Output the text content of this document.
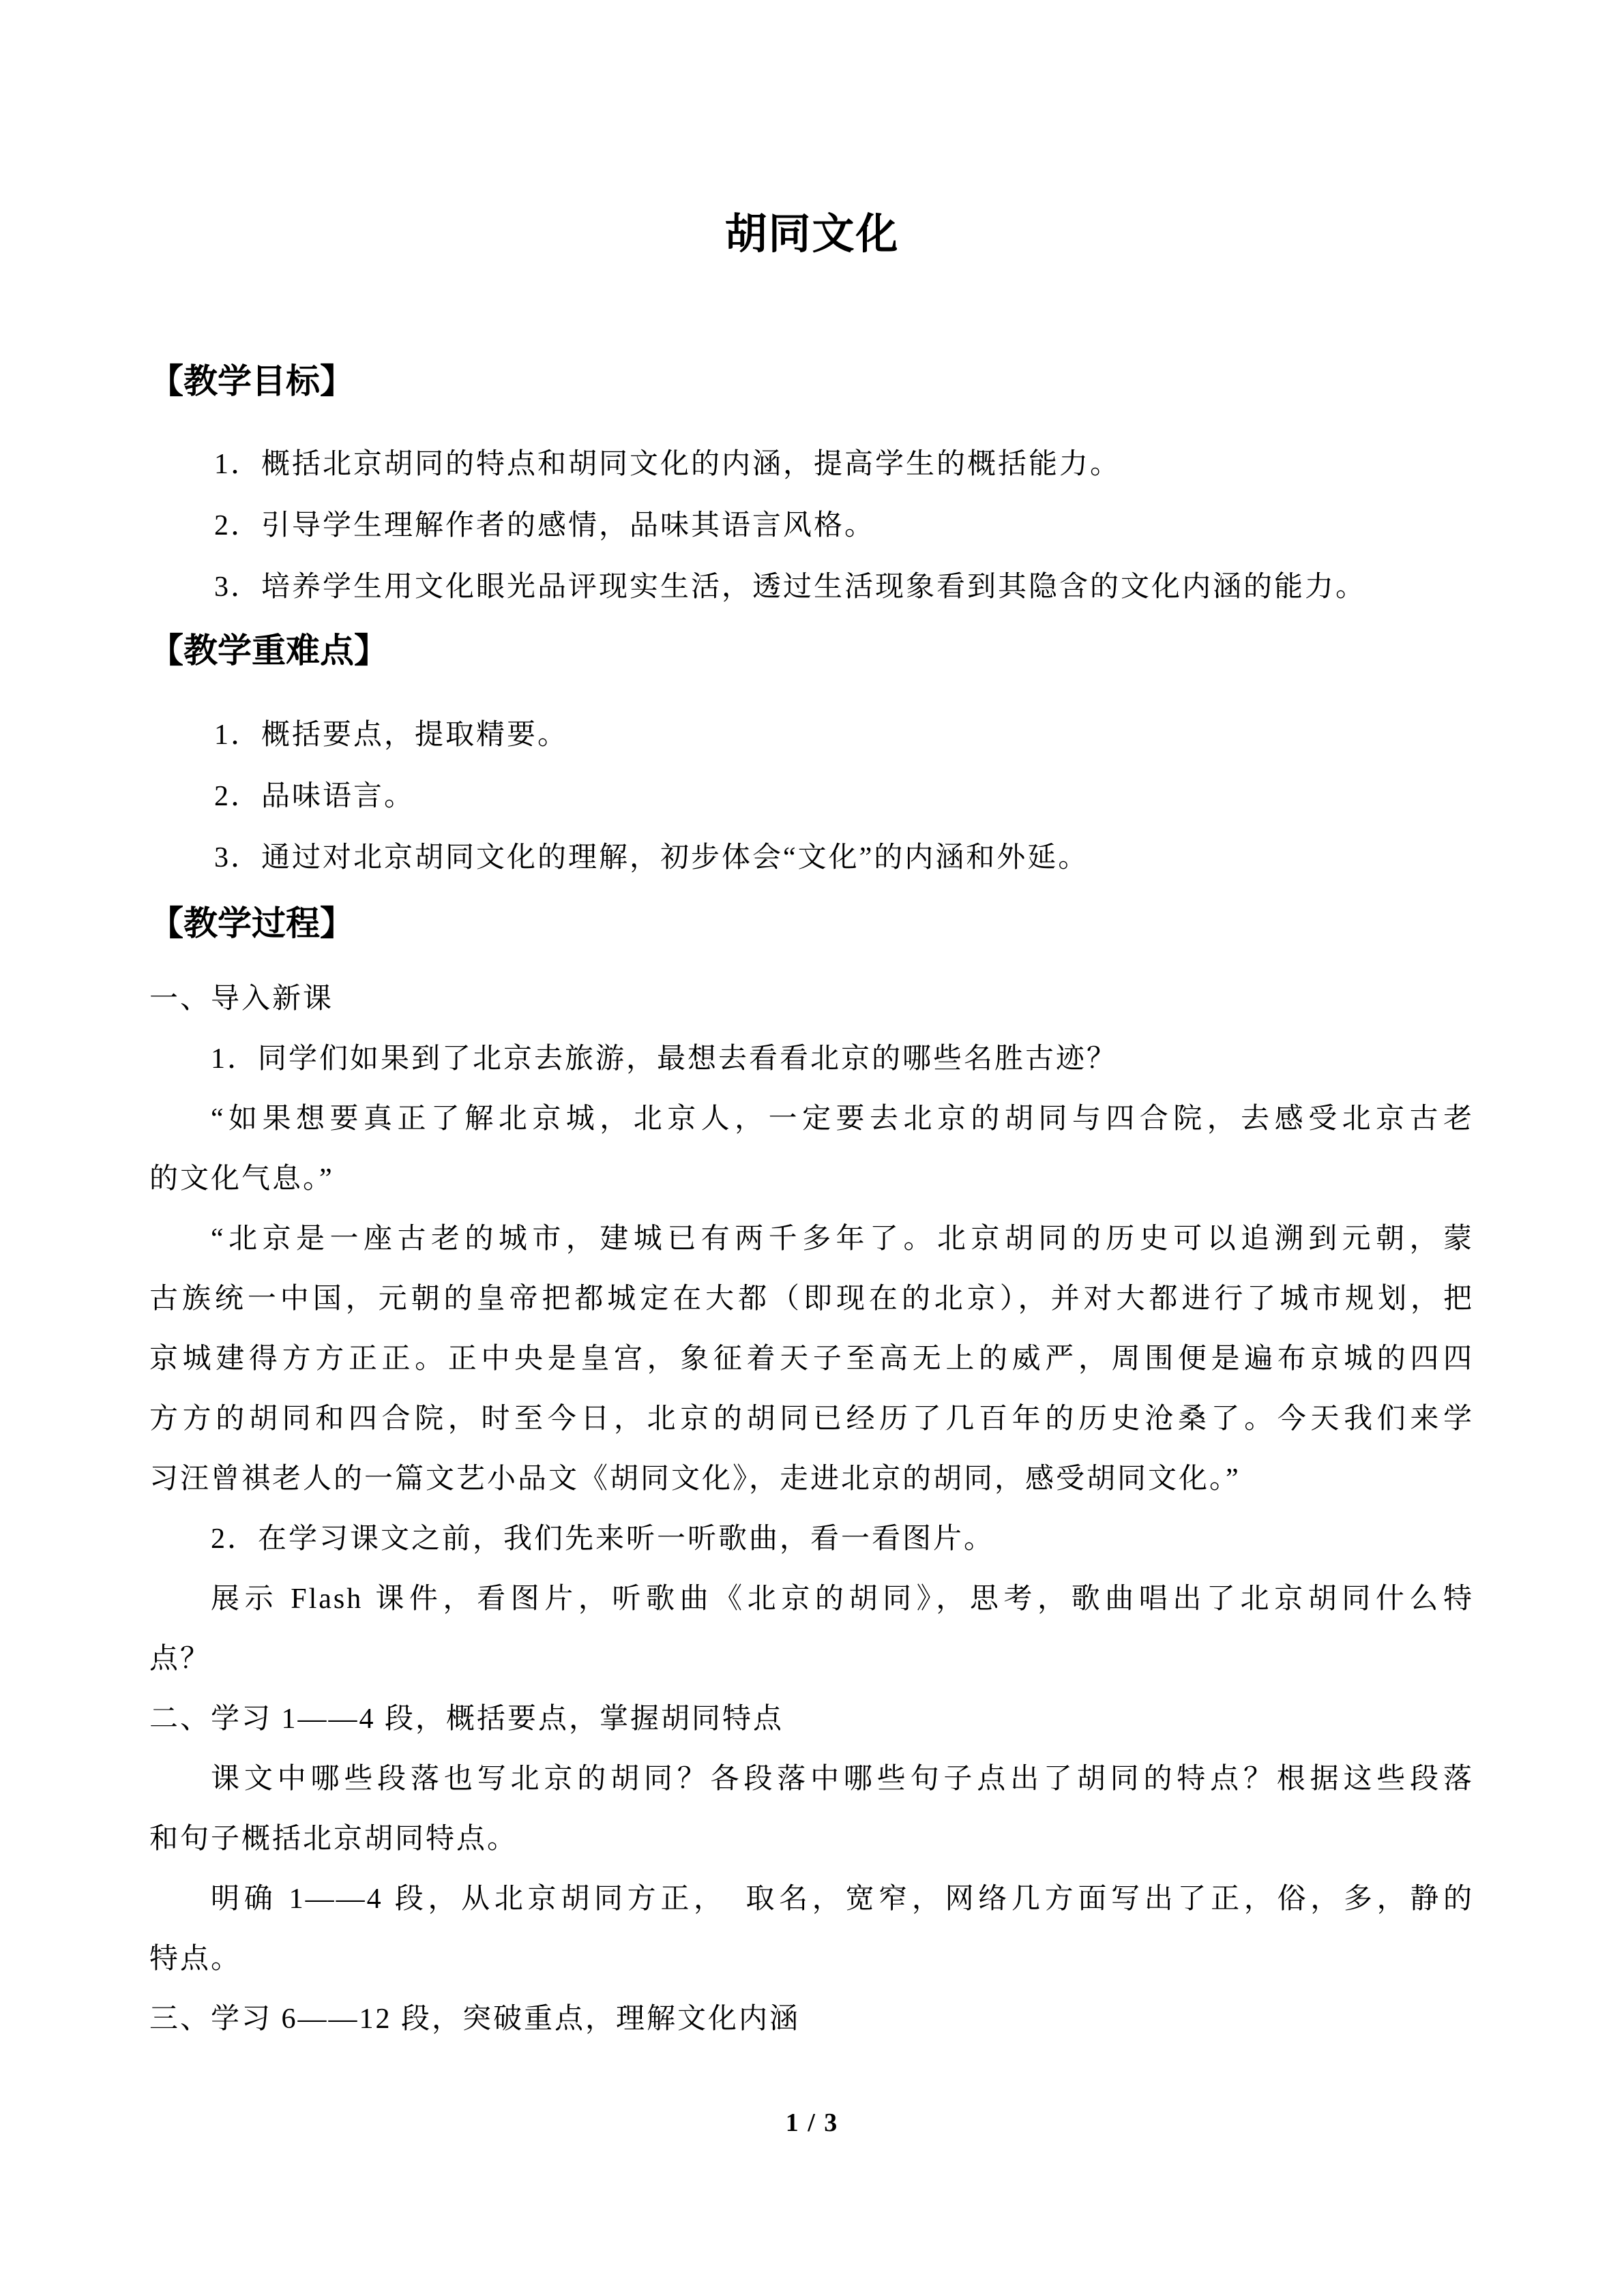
胡同文化
【教学目标】
1．概括北京胡同的特点和胡同文化的内涵，提高学生的概括能力。
2．引导学生理解作者的感情，品味其语言风格。
3．培养学生用文化眼光品评现实生活，透过生活现象看到其隐含的文化内涵的能力。
【教学重难点】
1．概括要点，提取精要。
2．品味语言。
3．通过对北京胡同文化的理解，初步体会“文化”的内涵和外延。
【教学过程】
一、导入新课
1．同学们如果到了北京去旅游，最想去看看北京的哪些名胜古迹？
“如果想要真正了解北京城，北京人，一定要去北京的胡同与四合院，去感受北京古老
的文化气息。”
“北京是一座古老的城市，建城已有两千多年了。北京胡同的历史可以追溯到元朝，蒙
古族统一中国，元朝的皇帝把都城定在大都（即现在的北京），并对大都进行了城市规划，把
京城建得方方正正。正中央是皇宫，象征着天子至高无上的威严，周围便是遍布京城的四四
方方的胡同和四合院，时至今日，北京的胡同已经历了几百年的历史沧桑了。今天我们来学
习汪曾祺老人的一篇文艺小品文《胡同文化》，走进北京的胡同，感受胡同文化。”
2．在学习课文之前，我们先来听一听歌曲，看一看图片。
展示 Flash 课件，看图片，听歌曲《北京的胡同》，思考，歌曲唱出了北京胡同什么特
点？
二、学习 1——4 段，概括要点，掌握胡同特点
课文中哪些段落也写北京的胡同？各段落中哪些句子点出了胡同的特点？根据这些段落
和句子概括北京胡同特点。
明确 1——4 段，从北京胡同方正，　取名，宽窄，网络几方面写出了正，俗，多，静的
特点。
三、学习 6——12 段，突破重点，理解文化内涵
1 / 3
